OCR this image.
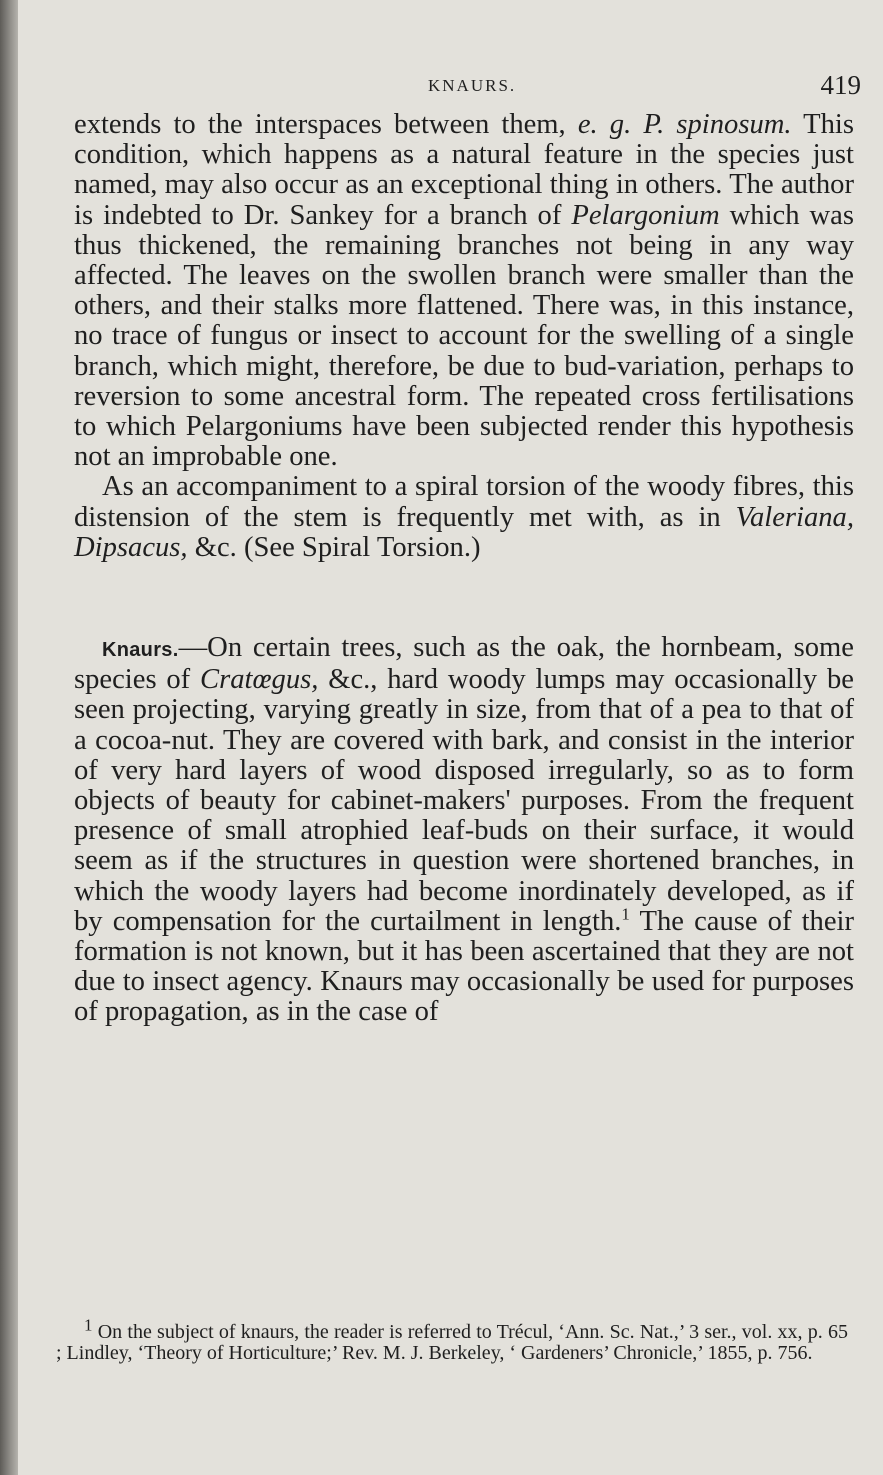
KNAURS.	419

extends to the interspaces between them, e. g. P. spinosum. This condition, which happens as a natural feature in the species just named, may also occur as an exceptional thing in others. The author is indebted to Dr. Sankey for a branch of Pelargonium which was thus thickened, the remaining branches not being in any way affected. The leaves on the swollen branch were smaller than the others, and their stalks more flattened. There was, in this instance, no trace of fungus or insect to account for the swelling of a single branch, which might, therefore, be due to bud-variation, perhaps to reversion to some ancestral form. The repeated cross fertilisations to which Pelargoniums have been subjected render this hypothesis not an improbable one.

As an accompaniment to a spiral torsion of the woody fibres, this distension of the stem is frequently met with, as in Valeriana, Dipsacus, &c. (See Spiral Torsion.)

Knaurs.—On certain trees, such as the oak, the hornbeam, some species of Cratœgus, &c., hard woody lumps may occasionally be seen projecting, varying greatly in size, from that of a pea to that of a cocoa-nut. They are covered with bark, and consist in the interior of very hard layers of wood disposed irregularly, so as to form objects of beauty for cabinet-makers' purposes. From the frequent presence of small atrophied leaf-buds on their surface, it would seem as if the structures in question were shortened branches, in which the woody layers had become inordinately developed, as if by compensation for the curtailment in length.$^1$ The cause of their formation is not known, but it has been ascertained that they are not due to insect agency. Knaurs may occasionally be used for purposes of propagation, as in the case of

$^1$ On the subject of knaurs, the reader is referred to Trécul, ‘Ann. Sc. Nat.,’ 3 ser., vol. xx, p. 65 ; Lindley, ‘Theory of Horticulture;’ Rev. M. J. Berkeley, ‘ Gardeners’ Chronicle,’ 1855, p. 756.
